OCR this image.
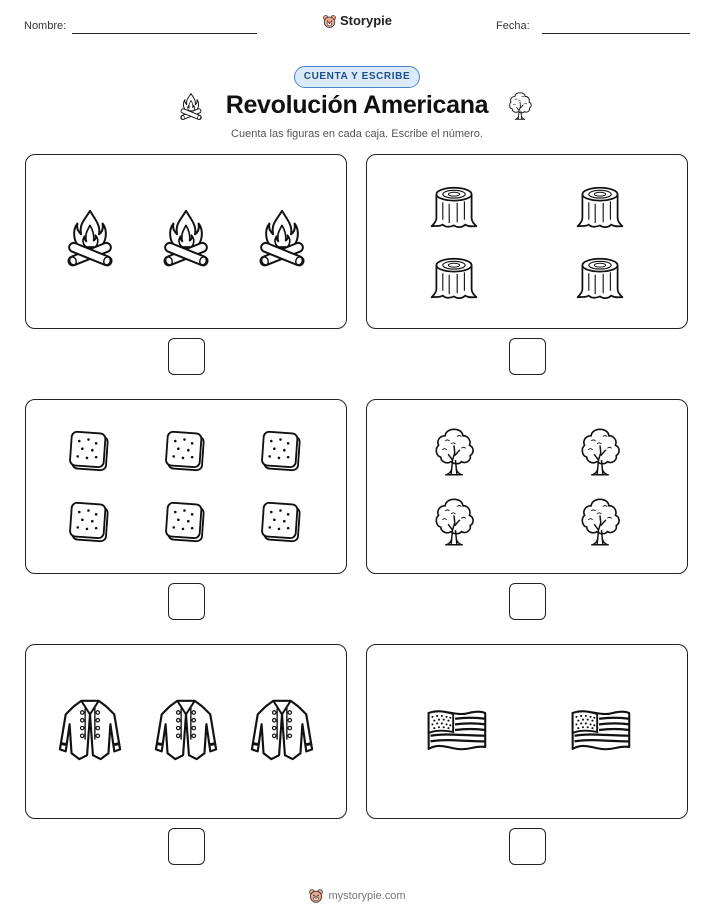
Nombre:	Storypie	Fecha:
CUENTA Y ESCRIBE
Revolución Americana
Cuenta las figuras en cada caja. Escribe el número.
mystorypie.com
